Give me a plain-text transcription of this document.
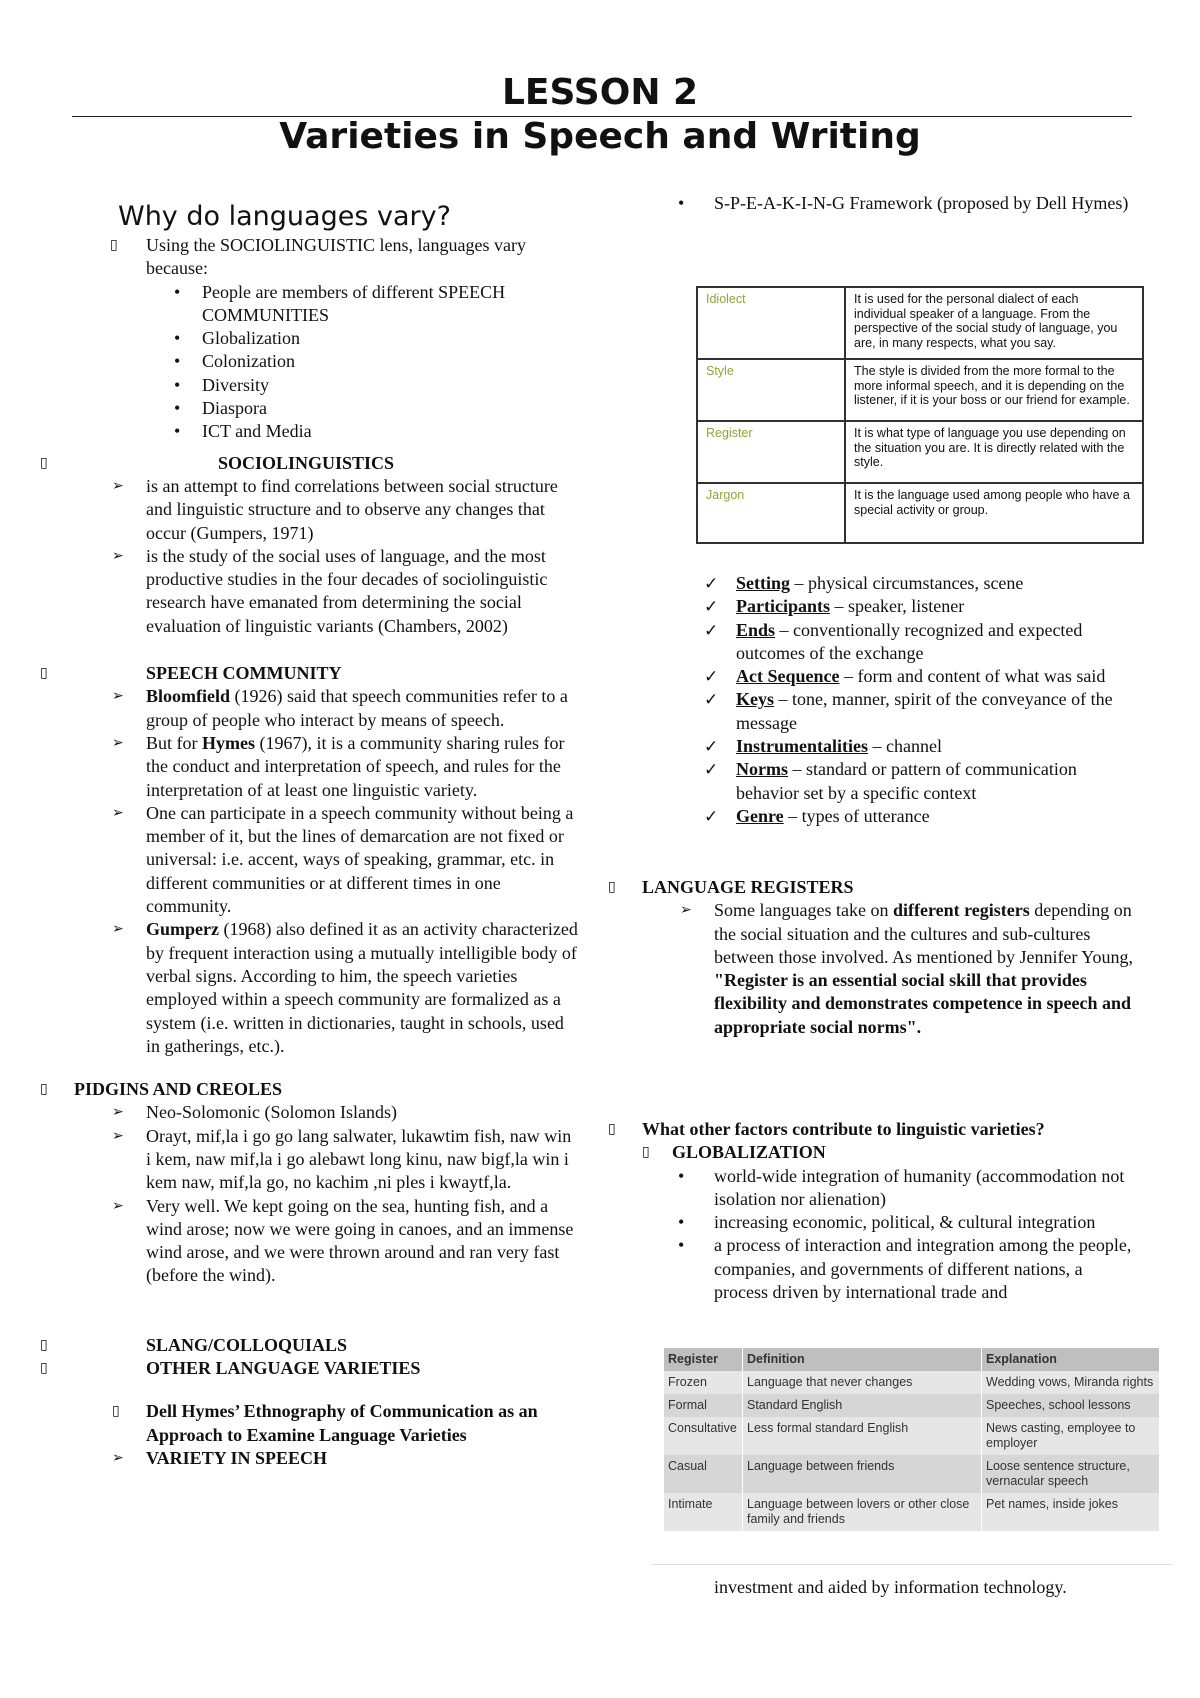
LESSON 2
Varieties in Speech and Writing
Why do languages vary?
▯ Using the SOCIOLINGUISTIC lens, languages vary because:
• People are members of different SPEECH COMMUNITIES
• Globalization
• Colonization
• Diversity
• Diaspora
• ICT and Media
▯	SOCIOLINGUISTICS
➢ is an attempt to find correlations between social structure and linguistic structure and to observe any changes that occur (Gumpers, 1971)
➢ is the study of the social uses of language, and the most productive studies in the four decades of sociolinguistic research have emanated from determining the social evaluation of linguistic variants (Chambers, 2002)
▯	SPEECH COMMUNITY
➢ Bloomfield (1926) said that speech communities refer to a group of people who interact by means of speech.
➢ But for Hymes (1967), it is a community sharing rules for the conduct and interpretation of speech, and rules for the interpretation of at least one linguistic variety.
➢ One can participate in a speech community without being a member of it, but the lines of demarcation are not fixed or universal: i.e. accent, ways of speaking, grammar, etc. in different communities or at different times in one community.
➢ Gumperz (1968) also defined it as an activity characterized by frequent interaction using a mutually intelligible body of verbal signs. According to him, the speech varieties employed within a speech community are formalized as a system (i.e. written in dictionaries, taught in schools, used in gatherings, etc.).
▯ PIDGINS AND CREOLES
➢ Neo-Solomonic (Solomon Islands)
➢ Orayt, mif,la i go go lang salwater, lukawtim fish, naw win i kem, naw mif,la i go alebawt long kinu, naw bigf,la win i kem naw, mif,la go, no kachim ,ni ples i kwaytf,la.
➢ Very well. We kept going on the sea, hunting fish, and a wind arose; now we were going in canoes, and an immense wind arose, and we were thrown around and ran very fast (before the wind).
▯	SLANG/COLLOQUIALS
▯	OTHER LANGUAGE VARIETIES
▯ Dell Hymes’ Ethnography of Communication as an Approach to Examine Language Varieties
➢ VARIETY IN SPEECH
• S-P-E-A-K-I-N-G Framework (proposed by Dell Hymes)
Idiolect	It is used for the personal dialect of each individual speaker of a language. From the perspective of the social study of language, you are, in many respects, what you say.
Style	The style is divided from the more formal to the more informal speech, and it is depending on the listener, if it is your boss or our friend for example.
Register	It is what type of language you use depending on the situation you are. It is directly related with the style.
Jargon	It is the language used among people who have a special activity or group.
✓ Setting – physical circumstances, scene
✓ Participants – speaker, listener
✓ Ends – conventionally recognized and expected outcomes of the exchange
✓ Act Sequence – form and content of what was said
✓ Keys – tone, manner, spirit of the conveyance of the message
✓ Instrumentalities – channel
✓ Norms – standard or pattern of communication behavior set by a specific context
✓ Genre – types of utterance
▯ LANGUAGE REGISTERS
➢ Some languages take on different registers depending on the social situation and the cultures and sub-cultures between those involved. As mentioned by Jennifer Young, "Register is an essential social skill that provides flexibility and demonstrates competence in speech and appropriate social norms".
▯ What other factors contribute to linguistic varieties?
▯ GLOBALIZATION
• world-wide integration of humanity (accommodation not isolation nor alienation)
• increasing economic, political, & cultural integration
• a process of interaction and integration among the people, companies, and governments of different nations, a process driven by international trade and
Register	Definition	Explanation
Frozen	Language that never changes	Wedding vows, Miranda rights
Formal	Standard English	Speeches, school lessons
Consultative	Less formal standard English	News casting, employee to employer
Casual	Language between friends	Loose sentence structure, vernacular speech
Intimate	Language between lovers or other close family and friends	Pet names, inside jokes
investment and aided by information technology.
